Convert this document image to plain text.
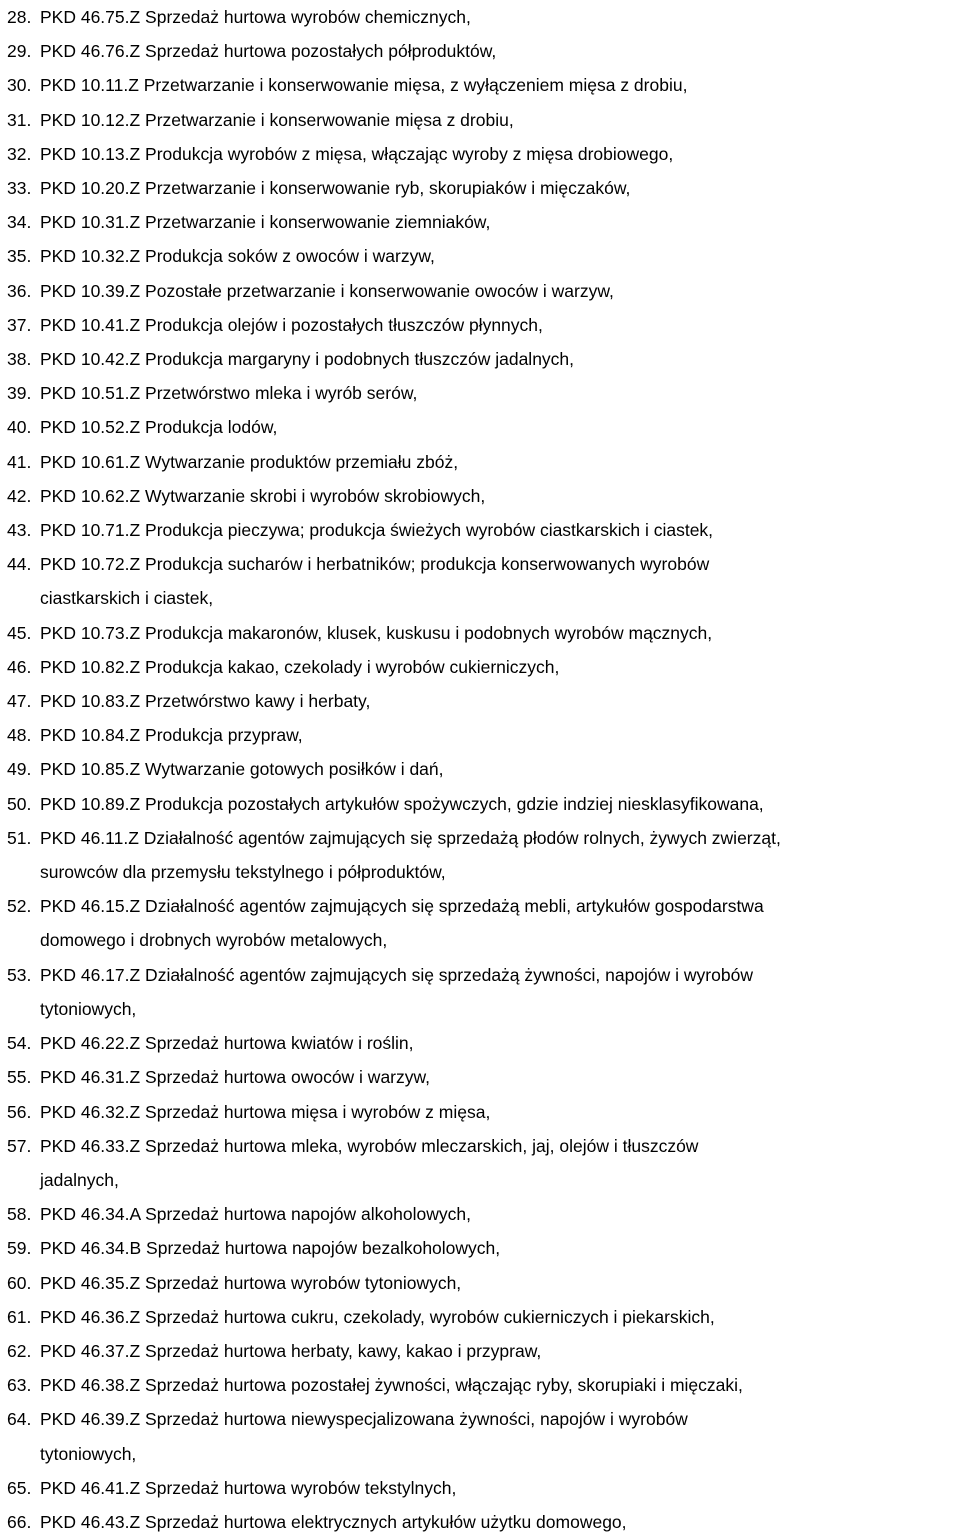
28. PKD 46.75.Z Sprzedaż hurtowa wyrobów chemicznych,
29. PKD 46.76.Z Sprzedaż hurtowa pozostałych półproduktów,
30. PKD 10.11.Z Przetwarzanie i konserwowanie mięsa, z wyłączeniem mięsa z drobiu,
31. PKD 10.12.Z Przetwarzanie i konserwowanie mięsa z drobiu,
32. PKD 10.13.Z Produkcja wyrobów z mięsa, włączając wyroby z mięsa drobiowego,
33. PKD 10.20.Z Przetwarzanie i konserwowanie ryb, skorupiaków i mięczaków,
34. PKD 10.31.Z Przetwarzanie i konserwowanie ziemniaków,
35. PKD 10.32.Z Produkcja soków z owoców i warzyw,
36. PKD 10.39.Z Pozostałe przetwarzanie i konserwowanie owoców i warzyw,
37. PKD 10.41.Z Produkcja olejów i pozostałych tłuszczów płynnych,
38. PKD 10.42.Z Produkcja margaryny i podobnych tłuszczów jadalnych,
39. PKD 10.51.Z Przetwórstwo mleka i wyrób serów,
40. PKD 10.52.Z Produkcja lodów,
41. PKD 10.61.Z Wytwarzanie produktów przemiału zbóż,
42. PKD 10.62.Z Wytwarzanie skrobi i wyrobów skrobiowych,
43. PKD 10.71.Z Produkcja pieczywa; produkcja świeżych wyrobów ciastkarskich i ciastek,
44. PKD 10.72.Z Produkcja sucharów i herbatników; produkcja konserwowanych wyrobów
ciastkarskich i ciastek,
45. PKD 10.73.Z Produkcja makaronów, klusek, kuskusu i podobnych wyrobów mącznych,
46. PKD 10.82.Z Produkcja kakao, czekolady i wyrobów cukierniczych,
47. PKD 10.83.Z Przetwórstwo kawy i herbaty,
48. PKD 10.84.Z Produkcja przypraw,
49. PKD 10.85.Z Wytwarzanie gotowych posiłków i dań,
50. PKD 10.89.Z Produkcja pozostałych artykułów spożywczych, gdzie indziej niesklasyfikowana,
51. PKD 46.11.Z Działalność agentów zajmujących się sprzedażą płodów rolnych, żywych zwierząt,
surowców dla przemysłu tekstylnego i półproduktów,
52. PKD 46.15.Z Działalność agentów zajmujących się sprzedażą mebli, artykułów gospodarstwa
domowego i drobnych wyrobów metalowych,
53. PKD 46.17.Z Działalność agentów zajmujących się sprzedażą żywności, napojów i wyrobów
tytoniowych,
54. PKD 46.22.Z Sprzedaż hurtowa kwiatów i roślin,
55. PKD 46.31.Z Sprzedaż hurtowa owoców i warzyw,
56. PKD 46.32.Z Sprzedaż hurtowa mięsa i wyrobów z mięsa,
57. PKD 46.33.Z Sprzedaż hurtowa mleka, wyrobów mleczarskich, jaj, olejów i tłuszczów
jadalnych,
58. PKD 46.34.A Sprzedaż hurtowa napojów alkoholowych,
59. PKD 46.34.B Sprzedaż hurtowa napojów bezalkoholowych,
60. PKD 46.35.Z Sprzedaż hurtowa wyrobów tytoniowych,
61. PKD 46.36.Z Sprzedaż hurtowa cukru, czekolady, wyrobów cukierniczych i piekarskich,
62. PKD 46.37.Z Sprzedaż hurtowa herbaty, kawy, kakao i przypraw,
63. PKD 46.38.Z Sprzedaż hurtowa pozostałej żywności, włączając ryby, skorupiaki i mięczaki,
64. PKD 46.39.Z Sprzedaż hurtowa niewyspecjalizowana żywności, napojów i wyrobów
tytoniowych,
65. PKD 46.41.Z Sprzedaż hurtowa wyrobów tekstylnych,
66. PKD 46.43.Z Sprzedaż hurtowa elektrycznych artykułów użytku domowego,
